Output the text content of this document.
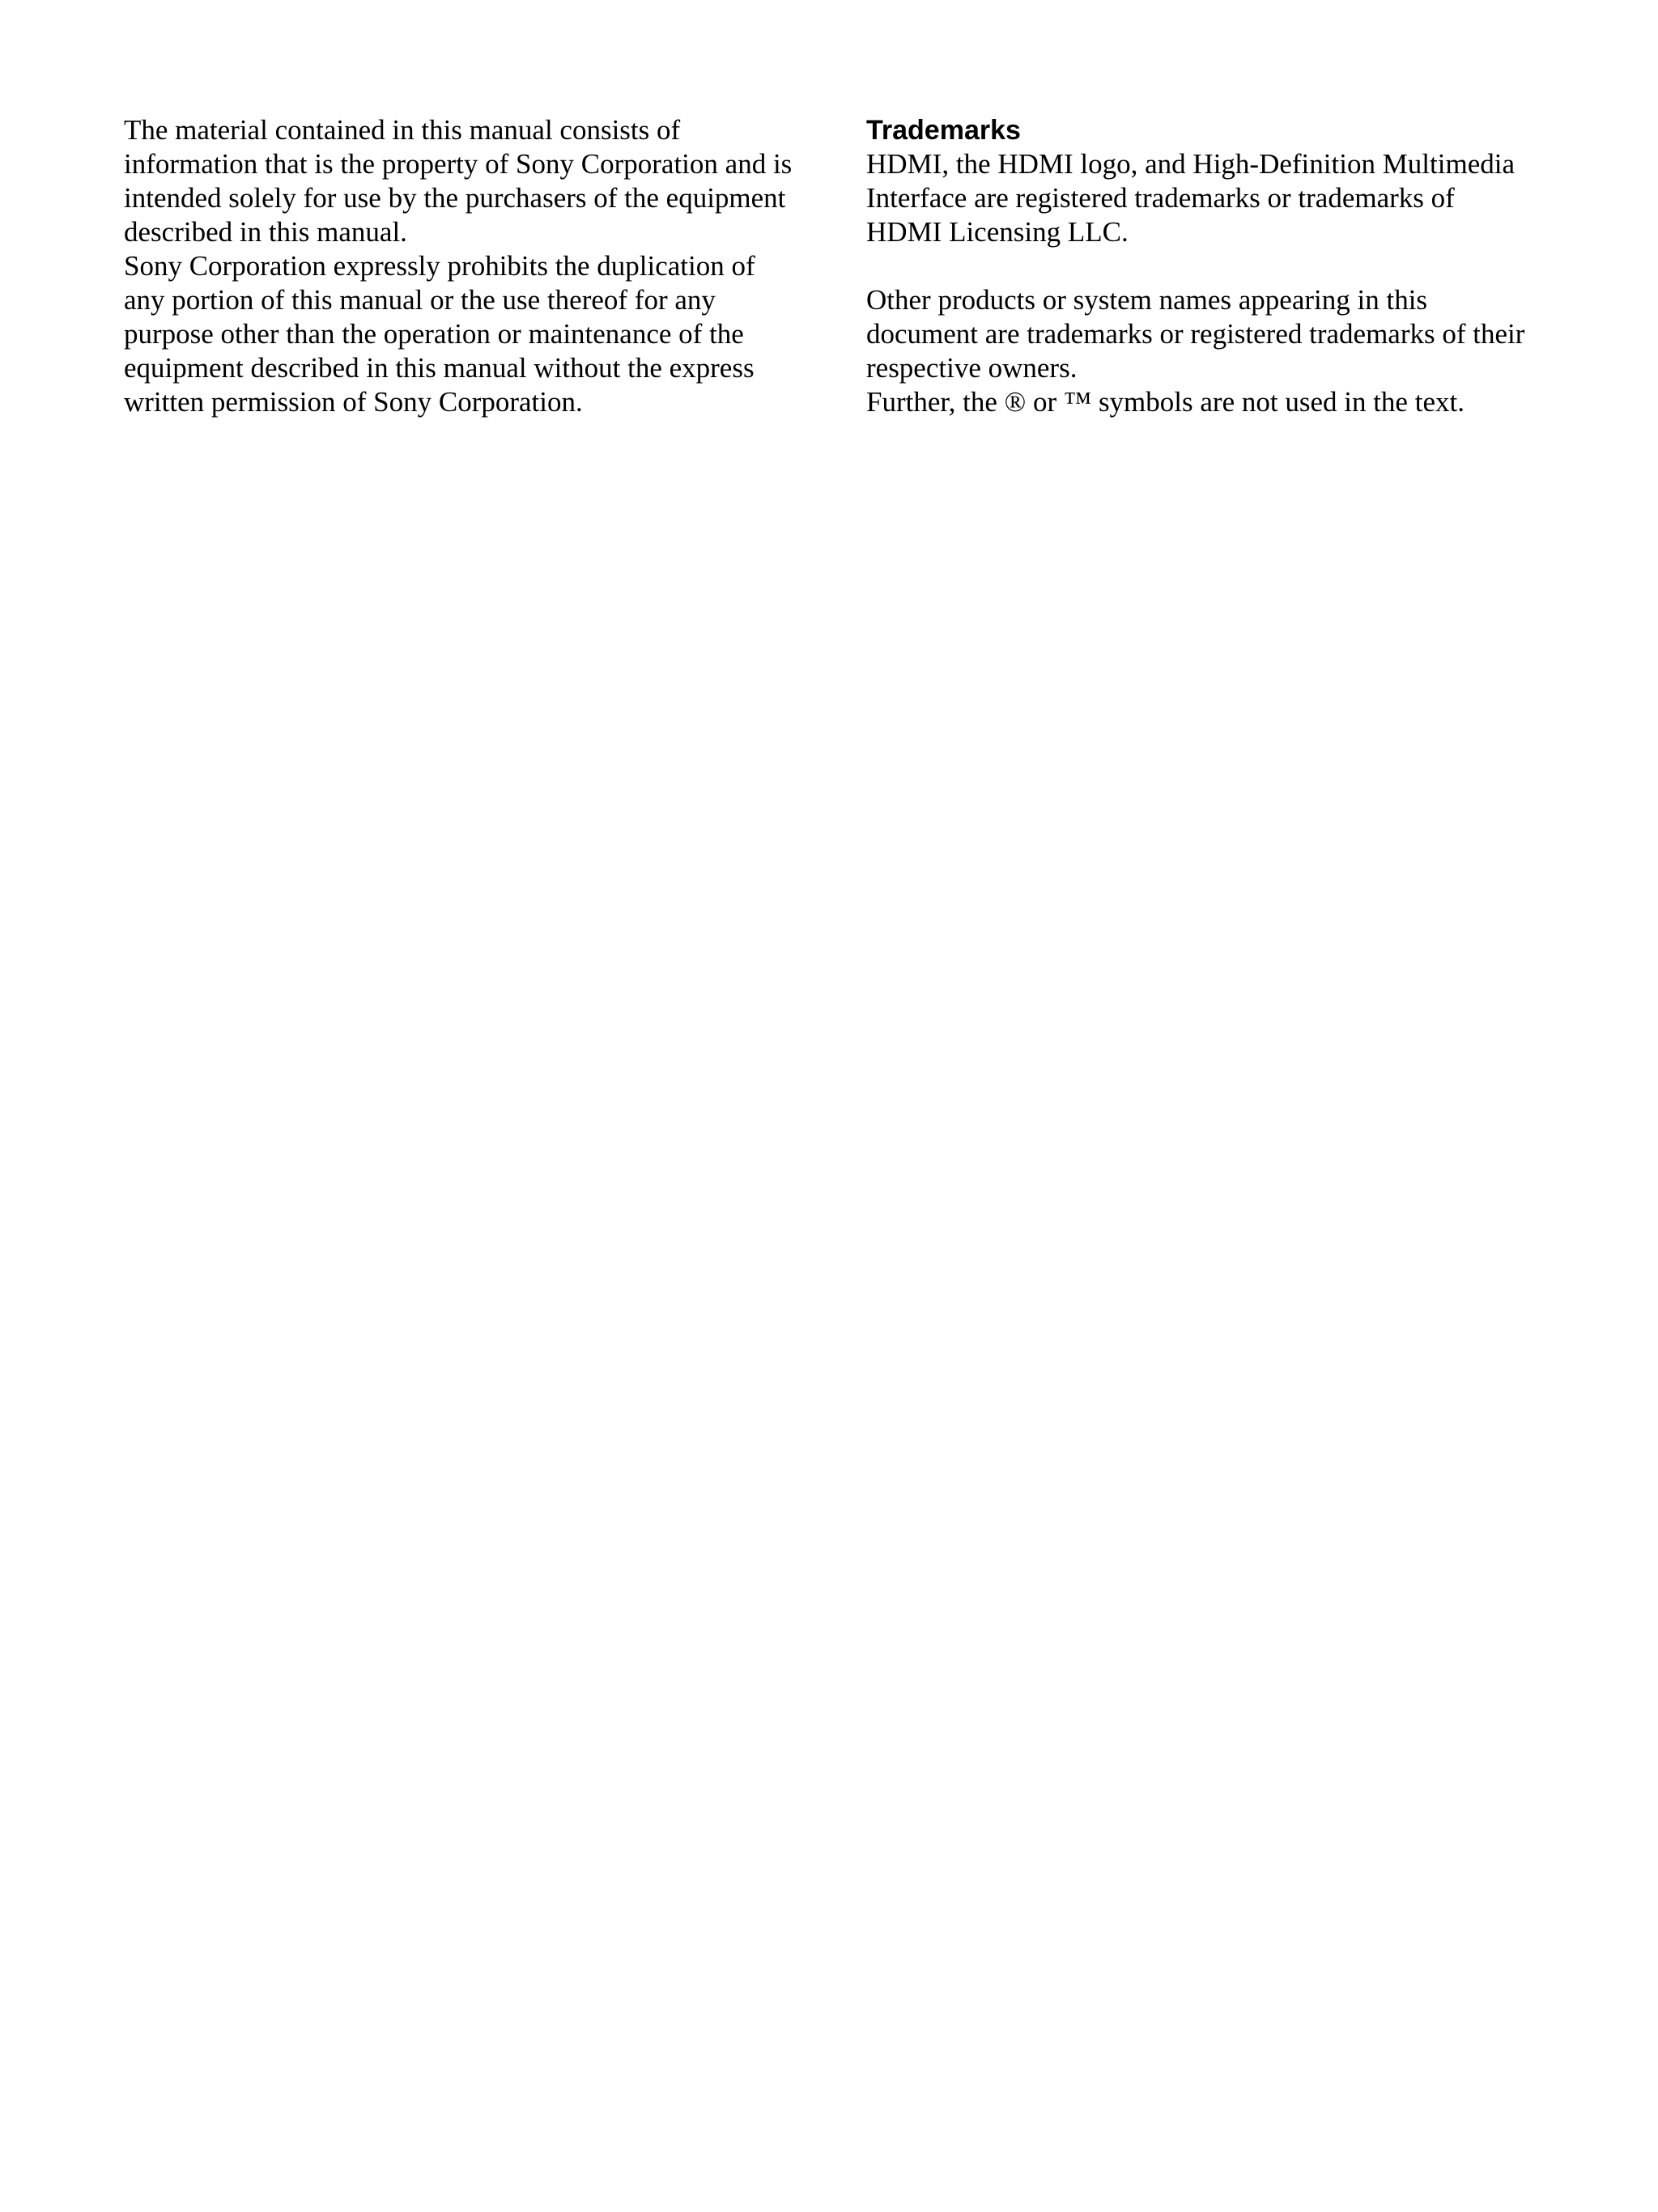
The material contained in this manual consists of
information that is the property of Sony Corporation and is
intended solely for use by the purchasers of the equipment
described in this manual.
Sony Corporation expressly prohibits the duplication of
any portion of this manual or the use thereof for any
purpose other than the operation or maintenance of the
equipment described in this manual without the express
written permission of Sony Corporation.
Trademarks
HDMI, the HDMI logo, and High-Definition Multimedia
Interface are registered trademarks or trademarks of
HDMI Licensing LLC.
Other products or system names appearing in this
document are trademarks or registered trademarks of their
respective owners.
Further, the ® or ™ symbols are not used in the text.
